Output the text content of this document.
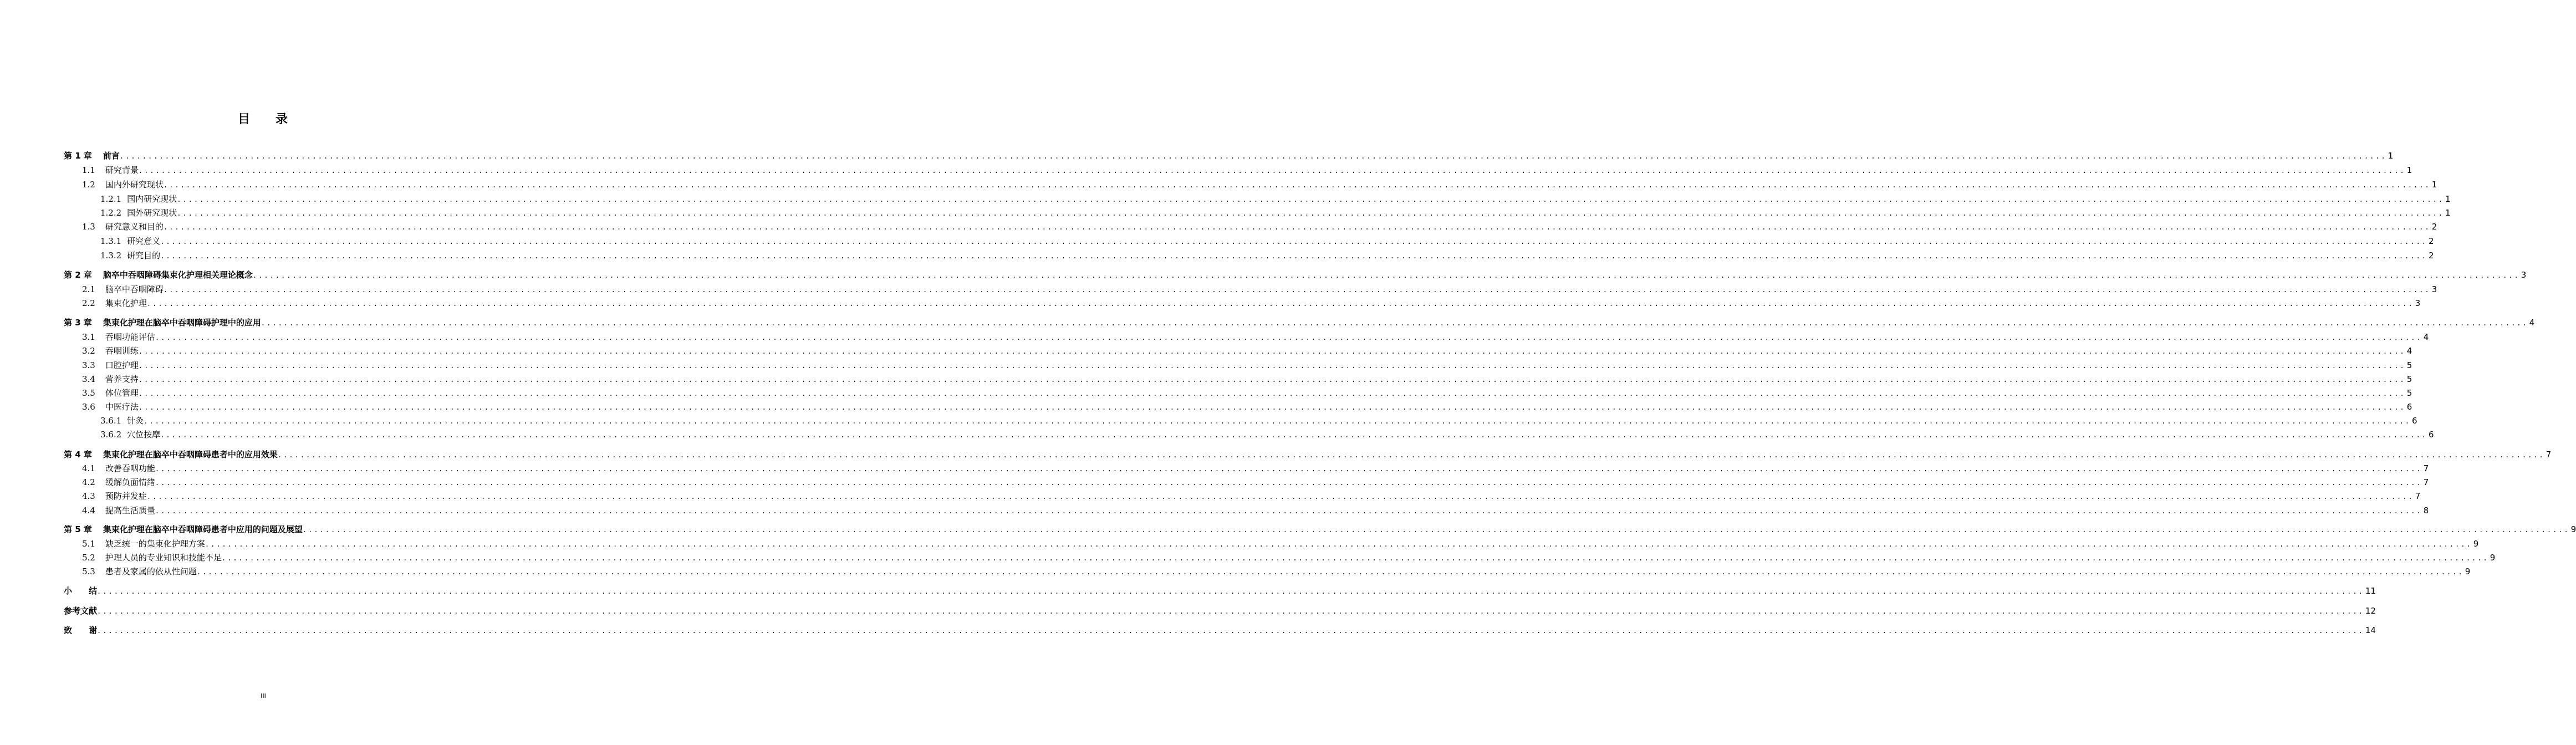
目 录
第 1 章 前言 ................................................................................................................................................................................................................................................................................................................................................................................................................ 1
1.1 研究背景 ................................................................................................................................................................................................................................................................................................................................................................................................................ 1
1.2 国内外研究现状 ................................................................................................................................................................................................................................................................................................................................................................................................................ 1
1.2.1 国内研究现状 ................................................................................................................................................................................................................................................................................................................................................................................................................ 1
1.2.2 国外研究现状 ................................................................................................................................................................................................................................................................................................................................................................................................................ 1
1.3 研究意义和目的 ................................................................................................................................................................................................................................................................................................................................................................................................................ 2
1.3.1 研究意义 ................................................................................................................................................................................................................................................................................................................................................................................................................ 2
1.3.2 研究目的 ................................................................................................................................................................................................................................................................................................................................................................................................................ 2
第 2 章 脑卒中吞咽障碍集束化护理相关理论概念 ................................................................................................................................................................................................................................................................................................................................................................................................................ 3
2.1 脑卒中吞咽障碍 ................................................................................................................................................................................................................................................................................................................................................................................................................ 3
2.2 集束化护理 ................................................................................................................................................................................................................................................................................................................................................................................................................ 3
第 3 章 集束化护理在脑卒中吞咽障碍护理中的应用 ................................................................................................................................................................................................................................................................................................................................................................................................................ 4
3.1 吞咽功能评估 ................................................................................................................................................................................................................................................................................................................................................................................................................ 4
3.2 吞咽训练 ................................................................................................................................................................................................................................................................................................................................................................................................................ 4
3.3 口腔护理 ................................................................................................................................................................................................................................................................................................................................................................................................................ 5
3.4 营养支持 ................................................................................................................................................................................................................................................................................................................................................................................................................ 5
3.5 体位管理 ................................................................................................................................................................................................................................................................................................................................................................................................................ 5
3.6 中医疗法 ................................................................................................................................................................................................................................................................................................................................................................................................................ 6
3.6.1 针灸 ................................................................................................................................................................................................................................................................................................................................................................................................................ 6
3.6.2 穴位按摩 ................................................................................................................................................................................................................................................................................................................................................................................................................ 6
第 4 章 集束化护理在脑卒中吞咽障碍患者中的应用效果 ................................................................................................................................................................................................................................................................................................................................................................................................................ 7
4.1 改善吞咽功能 ................................................................................................................................................................................................................................................................................................................................................................................................................ 7
4.2 缓解负面情绪 ................................................................................................................................................................................................................................................................................................................................................................................................................ 7
4.3 预防并发症 ................................................................................................................................................................................................................................................................................................................................................................................................................ 7
4.4 提高生活质量 ................................................................................................................................................................................................................................................................................................................................................................................................................ 8
第 5 章 集束化护理在脑卒中吞咽障碍患者中应用的问题及展望 ................................................................................................................................................................................................................................................................................................................................................................................................................ 9
5.1 缺乏统一的集束化护理方案 ................................................................................................................................................................................................................................................................................................................................................................................................................ 9
5.2 护理人员的专业知识和技能不足 ................................................................................................................................................................................................................................................................................................................................................................................................................ 9
5.3 患者及家属的依从性问题 ................................................................................................................................................................................................................................................................................................................................................................................................................ 9
小　　结 ................................................................................................................................................................................................................................................................................................................................................................................................................ 11
参考文献 ................................................................................................................................................................................................................................................................................................................................................................................................................ 12
致　　谢 ................................................................................................................................................................................................................................................................................................................................................................................................................ 14
III
